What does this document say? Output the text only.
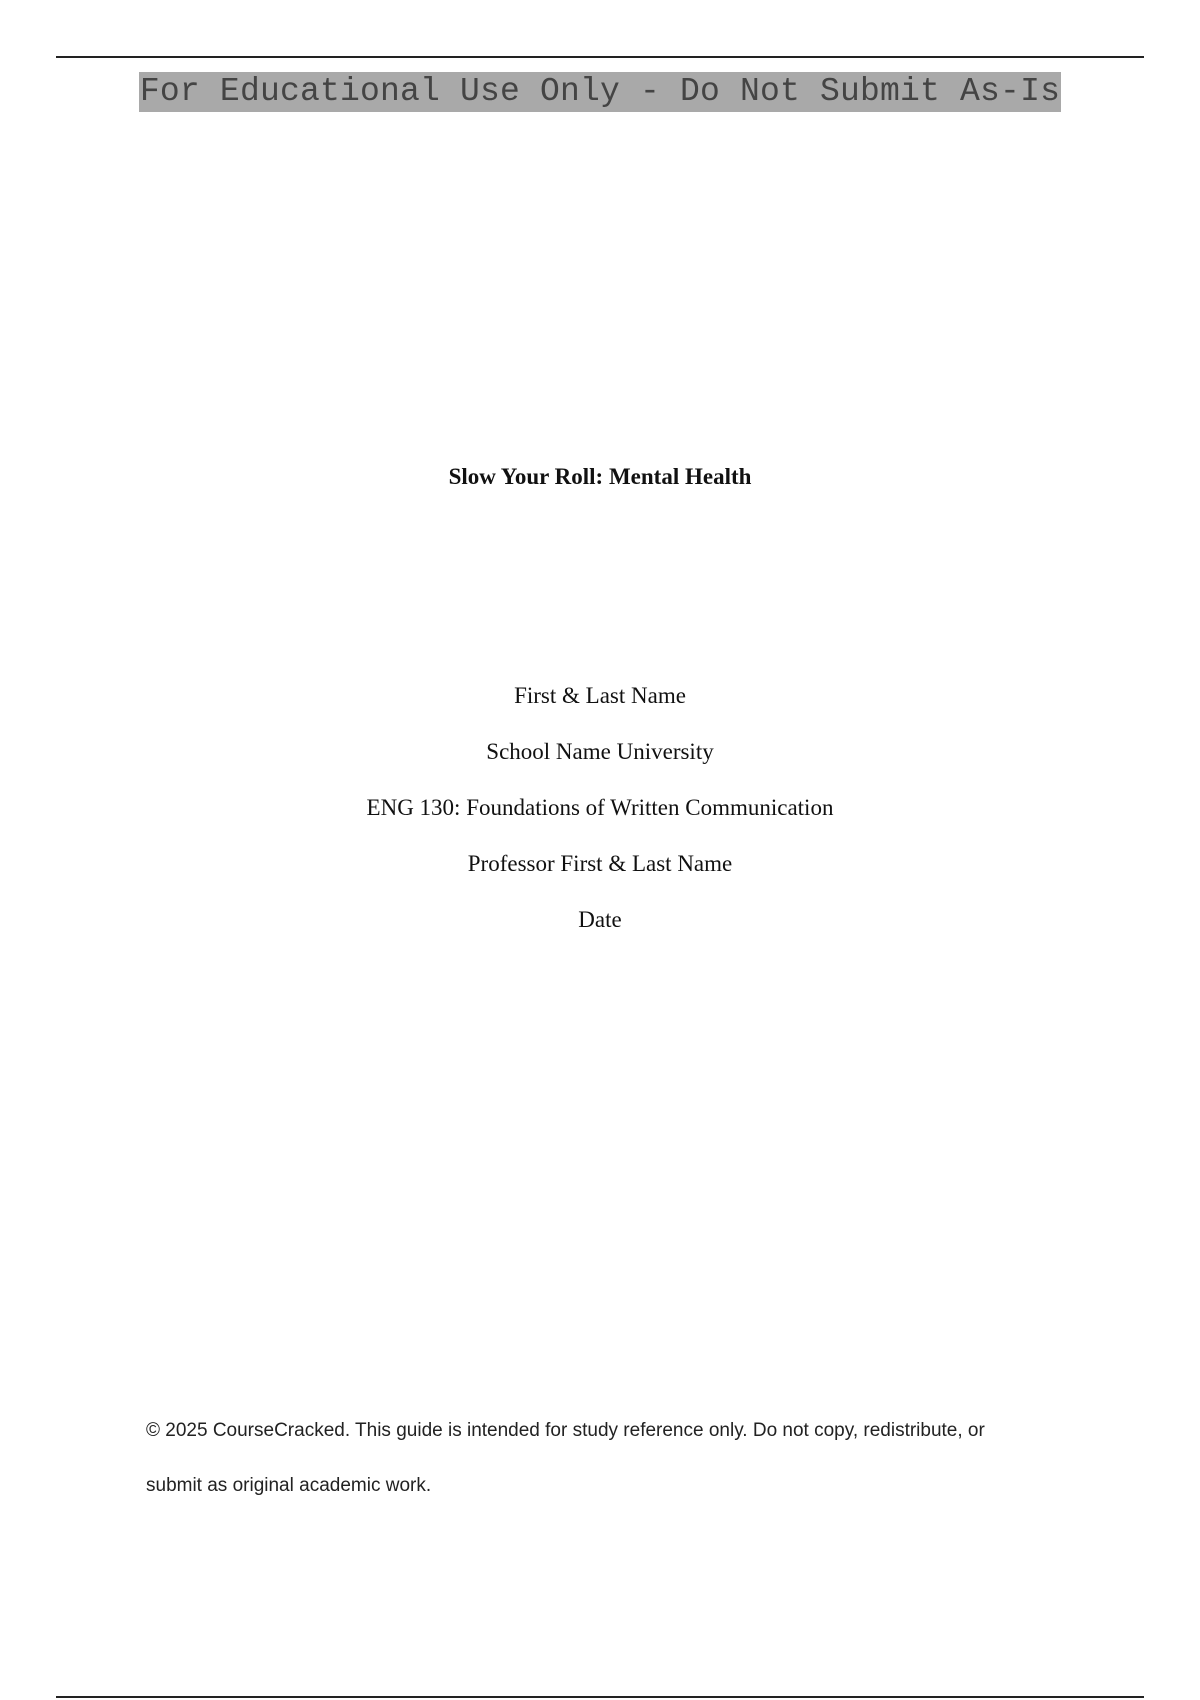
For Educational Use Only - Do Not Submit As-Is
Slow Your Roll: Mental Health
First & Last Name
School Name University
ENG 130: Foundations of Written Communication
Professor First & Last Name
Date
© 2025 CourseCracked. This guide is intended for study reference only. Do not copy, redistribute, or
submit as original academic work.
